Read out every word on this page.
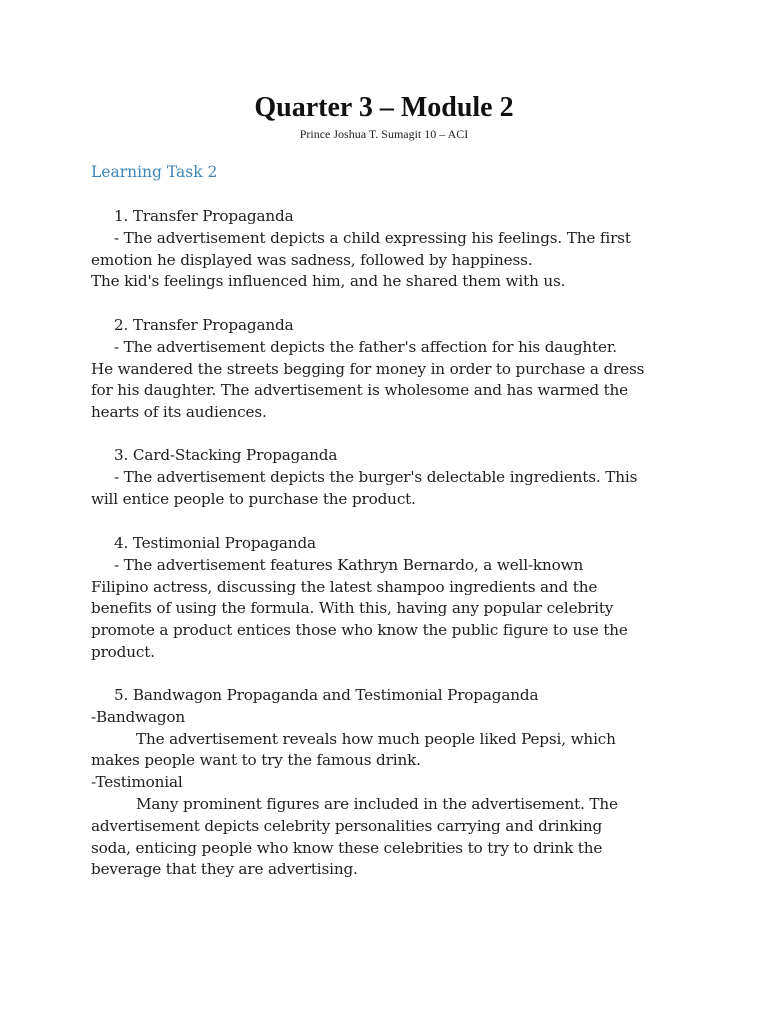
Quarter 3 – Module 2
Prince Joshua T. Sumagit 10 – ACI
Learning Task 2
1. Transfer Propaganda
- The advertisement depicts a child expressing his feelings. The first
emotion he displayed was sadness, followed by happiness.
The kid's feelings influenced him, and he shared them with us.
2. Transfer Propaganda
- The advertisement depicts the father's affection for his daughter.
He wandered the streets begging for money in order to purchase a dress
for his daughter. The advertisement is wholesome and has warmed the
hearts of its audiences.
3. Card-Stacking Propaganda
- The advertisement depicts the burger's delectable ingredients. This
will entice people to purchase the product.
4. Testimonial Propaganda
- The advertisement features Kathryn Bernardo, a well-known
Filipino actress, discussing the latest shampoo ingredients and the
benefits of using the formula. With this, having any popular celebrity
promote a product entices those who know the public figure to use the
product.
5. Bandwagon Propaganda and Testimonial Propaganda
-Bandwagon
The advertisement reveals how much people liked Pepsi, which
makes people want to try the famous drink.
-Testimonial
Many prominent figures are included in the advertisement. The
advertisement depicts celebrity personalities carrying and drinking
soda, enticing people who know these celebrities to try to drink the
beverage that they are advertising.
